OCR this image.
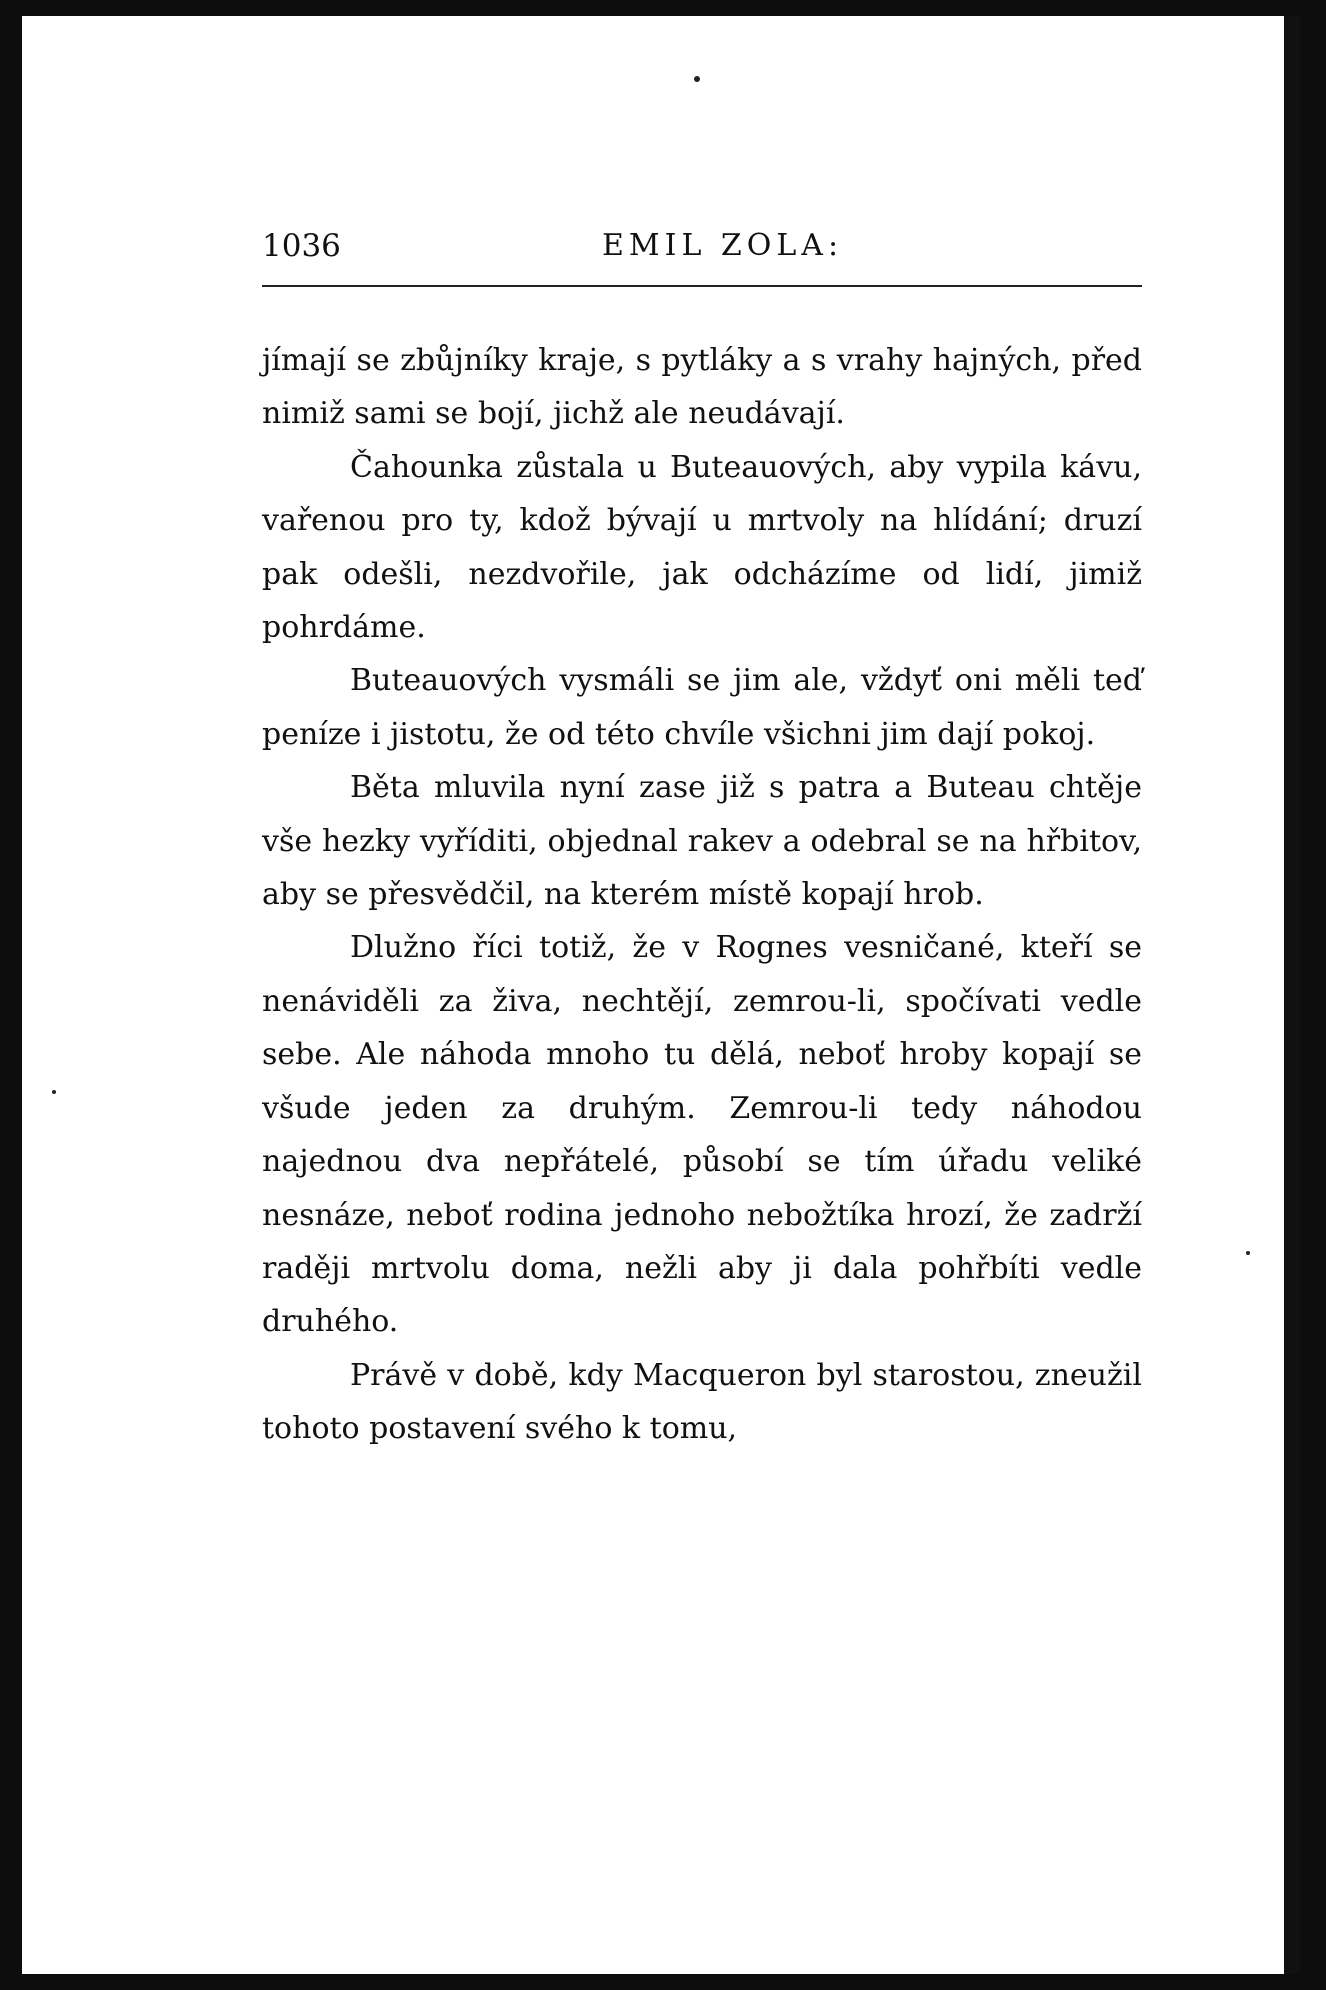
1036	EMIL ZOLA:

jímají se zbůjníky kraje, s pytláky a s vrahy hajných, před nimiž sami se bojí, jichž ale neudávají.

Čahounka zůstala u Buteauových, aby vypila kávu, vařenou pro ty, kdož bývají u mrtvoly na hlídání; druzí pak odešli, nezdvořile, jak odcházíme od lidí, jimiž pohrdáme.

Buteauových vysmáli se jim ale, vždyť oni měli teď peníze i jistotu, že od této chvíle všichni jim dají pokoj.

Běta mluvila nyní zase již s patra a Buteau chtěje vše hezky vyříditi, objednal rakev a odebral se na hřbitov, aby se přesvědčil, na kterém místě kopají hrob.

Dlužno říci totiž, že v Rognes vesničané, kteří se nenáviděli za živa, nechtějí, zemrou-li, spočívati vedle sebe. Ale náhoda mnoho tu dělá, neboť hroby kopají se všude jeden za druhým. Zemrou-li tedy náhodou najednou dva nepřátelé, působí se tím úřadu veliké nesnáze, neboť rodina jednoho nebožtíka hrozí, že zadrží raději mrtvolu doma, nežli aby ji dala pohřbíti vedle druhého.

Právě v době, kdy Macqueron byl starostou, zneužil tohoto postavení svého k tomu,
